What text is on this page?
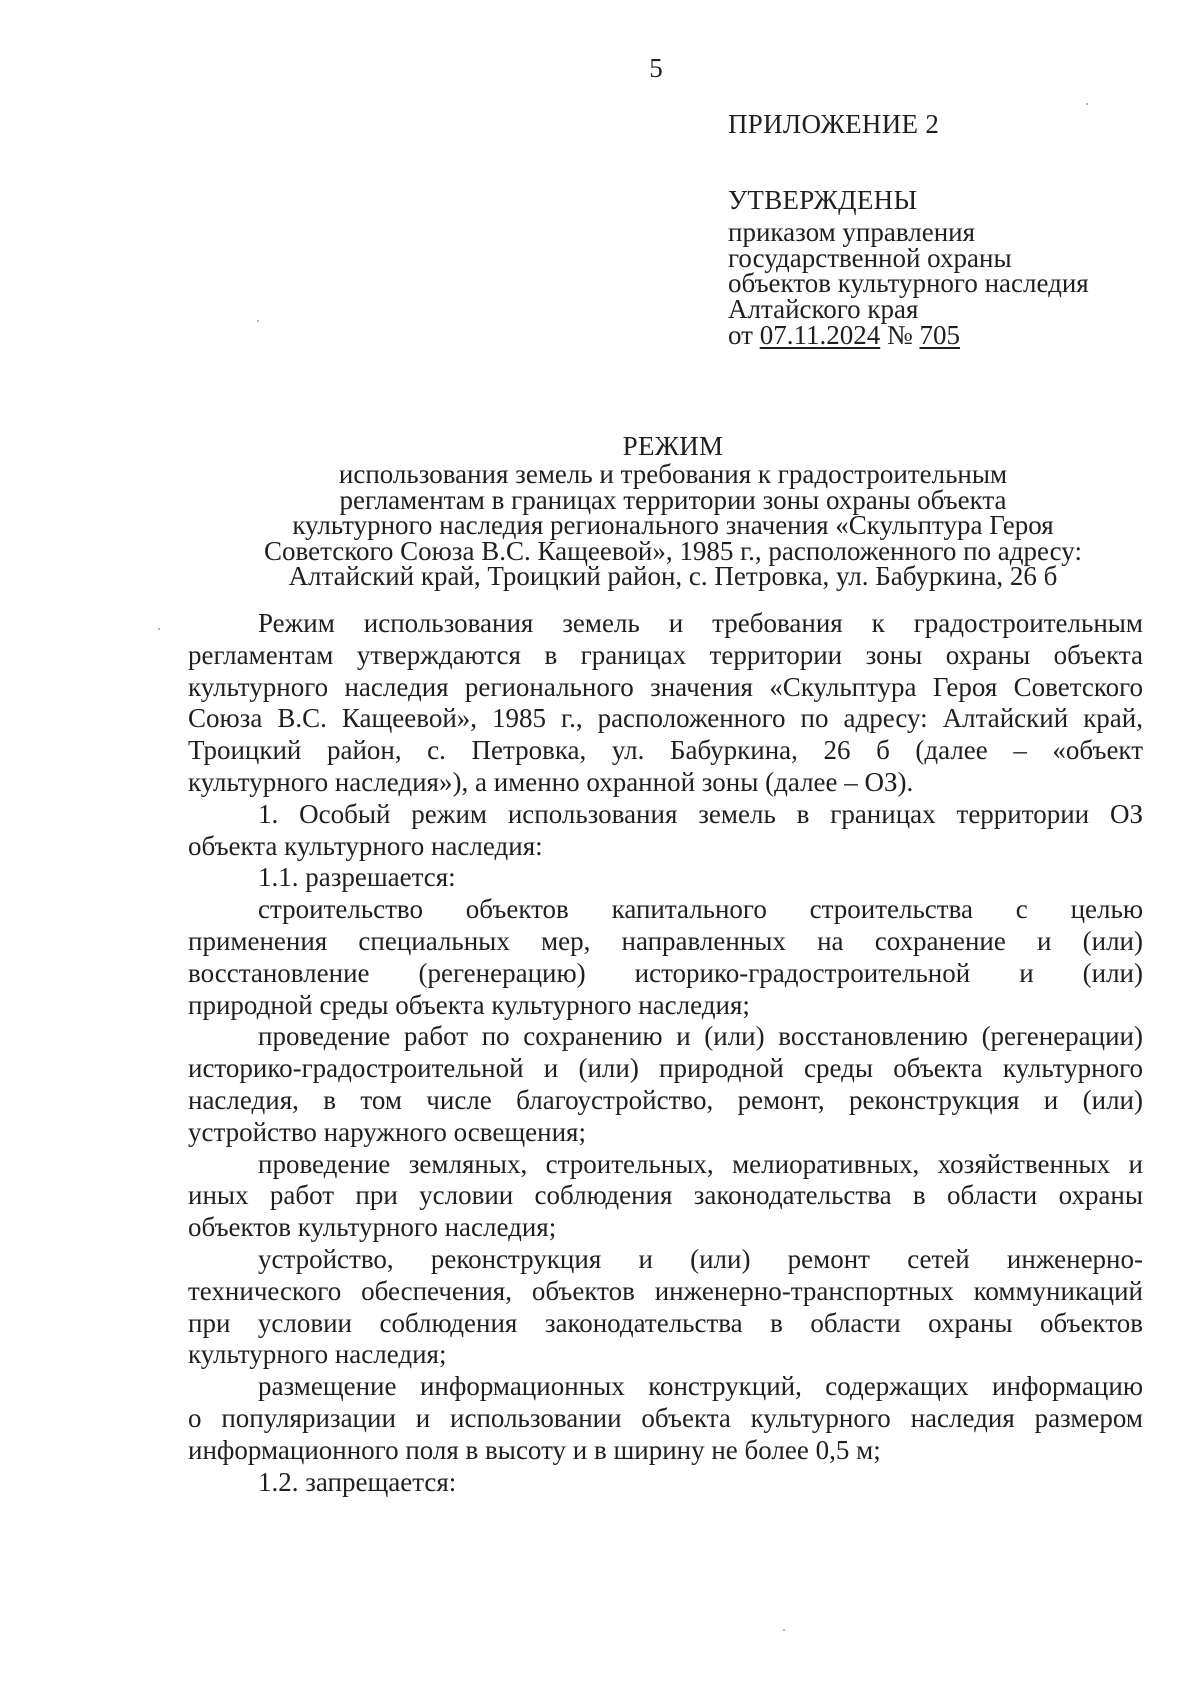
5

ПРИЛОЖЕНИЕ 2

УТВЕРЖДЕНЫ

приказом управления

государственной охраны

объектов культурного наследия

Алтайского края

от 07.11.2024 № 705

РЕЖИМ

использования земель и требования к градостроительным

регламентам в границах территории зоны охраны объекта

культурного наследия регионального значения «Скульптура Героя

Советского Союза В.С. Кащеевой», 1985 г., расположенного по адресу:

Алтайский край, Троицкий район, с. Петровка, ул. Бабуркина, 26 б

Режим использования земель и требования к градостроительным
регламентам утверждаются в границах территории зоны охраны объекта
культурного наследия регионального значения «Скульптура Героя Советского
Союза В.С. Кащеевой», 1985 г., расположенного по адресу: Алтайский край,
Троицкий район, с. Петровка, ул. Бабуркина, 26 б (далее – «объект
культурного наследия»), а именно охранной зоны (далее – ОЗ).

1. Особый режим использования земель в границах территории ОЗ
объекта культурного наследия:

1.1. разрешается:

строительство объектов капитального строительства с целью
применения специальных мер, направленных на сохранение и (или)
восстановление (регенерацию) историко-градостроительной и (или)
природной среды объекта культурного наследия;

проведение работ по сохранению и (или) восстановлению (регенерации)
историко-градостроительной и (или) природной среды объекта культурного
наследия, в том числе благоустройство, ремонт, реконструкция и (или)
устройство наружного освещения;

проведение земляных, строительных, мелиоративных, хозяйственных и
иных работ при условии соблюдения законодательства в области охраны
объектов культурного наследия;

устройство, реконструкция и (или) ремонт сетей инженерно-
технического обеспечения, объектов инженерно-транспортных коммуникаций
при условии соблюдения законодательства в области охраны объектов
культурного наследия;

размещение информационных конструкций, содержащих информацию
о популяризации и использовании объекта культурного наследия размером
информационного поля в высоту и в ширину не более 0,5 м;

1.2. запрещается:
